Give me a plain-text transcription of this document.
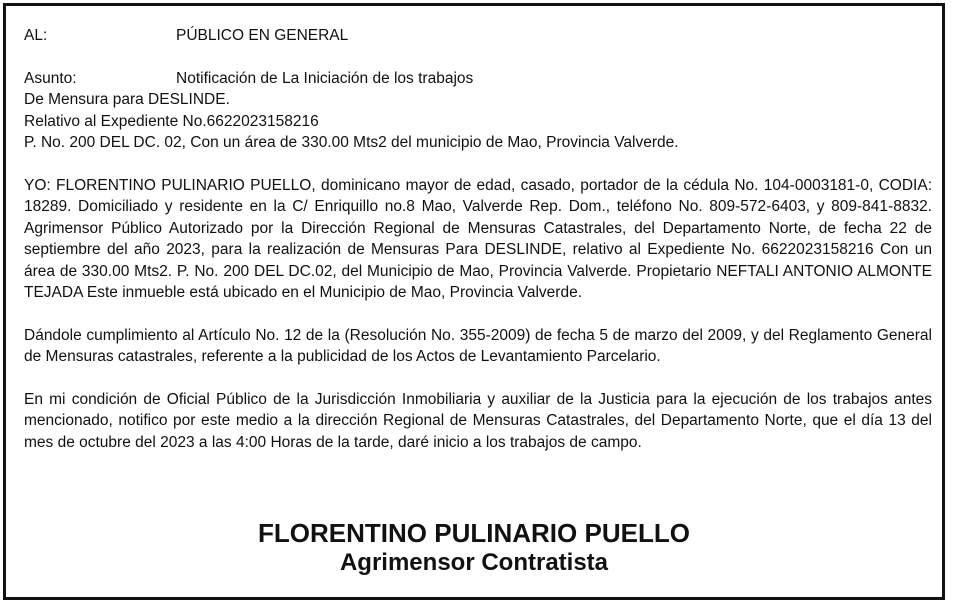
AL:	PÚBLICO EN GENERAL
Asunto:	Notificación de La Iniciación de los trabajos
De Mensura para DESLINDE.
Relativo al Expediente No.6622023158216
P. No. 200 DEL DC. 02, Con un área de 330.00 Mts2 del municipio de Mao, Provincia Valverde.

YO: FLORENTINO PULINARIO PUELLO, dominicano mayor de edad, casado, portador de la cédula No. 104-0003181-0, CODIA: 18289. Domiciliado y residente en la C/ Enriquillo no.8 Mao, Valverde Rep. Dom., teléfono No. 809-572-6403, y 809-841-8832. Agrimensor Público Autorizado por la Dirección Regional de Mensuras Catastrales, del Departamento Norte, de fecha 22 de septiembre del año 2023, para la realización de Mensuras Para DESLINDE, relativo al Expediente No. 6622023158216 Con un área de 330.00 Mts2. P. No. 200 DEL DC.02, del Municipio de Mao, Provincia Valverde. Propietario NEFTALI ANTONIO ALMONTE TEJADA Este inmueble está ubicado en el Municipio de Mao, Provincia Valverde.

Dándole cumplimiento al Artículo No. 12 de la (Resolución No. 355-2009) de fecha 5 de marzo del 2009, y del Reglamento General de Mensuras catastrales, referente a la publicidad de los Actos de Levantamiento Parcelario.

En mi condición de Oficial Público de la Jurisdicción Inmobiliaria y auxiliar de la Justicia para la ejecución de los trabajos antes mencionado, notifico por este medio a la dirección Regional de Mensuras Catastrales, del Departamento Norte, que el día 13 del mes de octubre del 2023 a las 4:00 Horas de la tarde, daré inicio a los trabajos de campo.

FLORENTINO PULINARIO PUELLO
Agrimensor Contratista
